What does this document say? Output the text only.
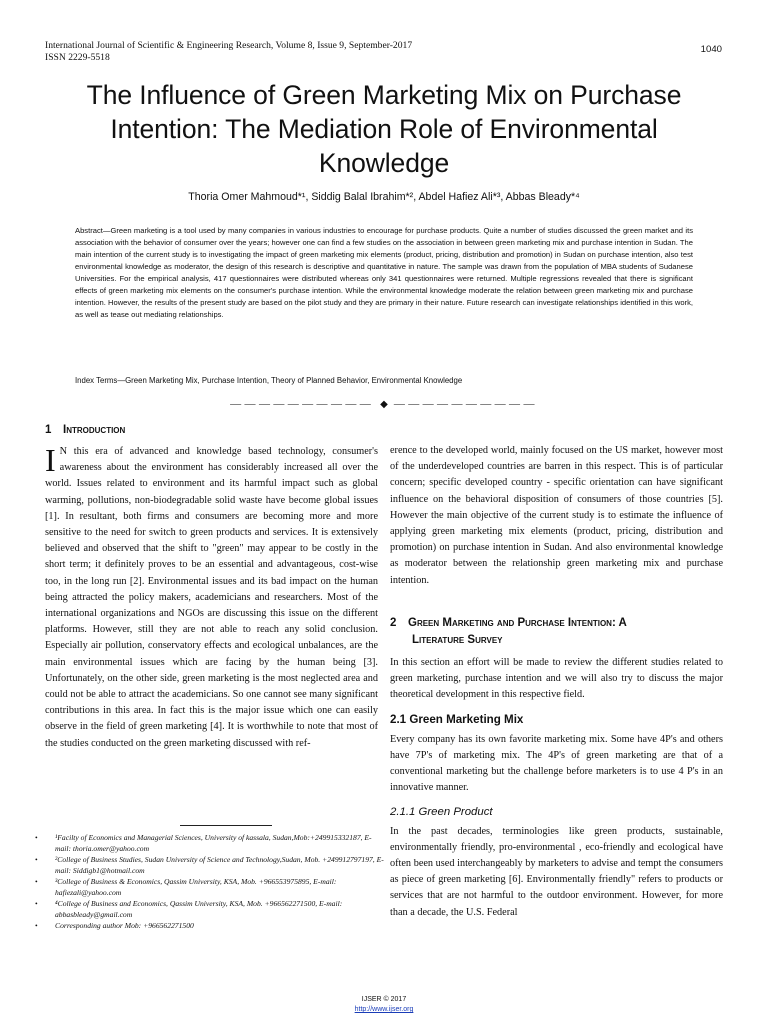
International Journal of Scientific & Engineering Research, Volume 8, Issue 9, September-2017
ISSN 2229-5518
1040
The Influence of Green Marketing Mix on Purchase Intention: The Mediation Role of Environmental Knowledge
Thoria Omer Mahmoud*¹, Siddig Balal Ibrahim*², Abdel Hafiez Ali*³, Abbas Bleady*⁴

Abstract—Green marketing is a tool used by many companies in various industries to encourage for purchase products. Quite a number of studies discussed the green market and its association with the behavior of consumer over the years; however one can find a few studies on the association in between green marketing mix and purchase intention in Sudan. The main intention of the current study is to investigating the impact of green marketing mix elements (product, pricing, distribution and promotion) in Sudan on purchase intention, also test environmental knowledge as moderator, the design of this research is descriptive and quantitative in nature. The sample was drawn from the population of MBA students of Sudanese Universities. For the empirical analysis, 417 questionnaires were distributed whereas only 341 questionnaires were returned. Multiple regressions revealed that there is significant effects of green marketing mix elements on the consumer's purchase intention. While the environmental knowledge moderate the relation between green marketing mix and purchase intention. However, the results of the present study are based on the pilot study and they are primary in their nature. Future research can investigate relationships identified in this work, as well as tease out mediating relationships.

Index Terms—Green Marketing Mix, Purchase Intention, Theory of Planned Behavior, Environmental Knowledge

—————————— ◆ ——————————
1 Introduction

I N this era of advanced and knowledge based technology, consumer's awareness about the environment has considerably increased all over the world. Issues related to environment and its harmful impact such as global warming, pollutions, non-biodegradable solid waste have become global issues [1]. In resultant, both firms and consumers are becoming more and more sensitive to the need for switch to green products and services. It is extensively believed and observed that the shift to "green" may appear to be costly in the short term; it definitely proves to be an essential and advantageous, cost-wise too, in the long run [2]. Environmental issues and its bad impact on the human being attracted the policy makers, academicians and researchers. Most of the international organizations and NGOs are discussing this issue on the different platforms. However, still they are not able to reach any solid conclusion. Especially air pollution, conservatory effects and ecological unbalances, are the main environmental issues which are facing by the human being [3]. Unfortunately, on the other side, green marketing is the most neglected area and could not be able to attract the academicians. So one cannot see many significant contributions in this area. In fact this is the major issue which one can easily observe in the field of green marketing [4]. It is worthwhile to note that most of the studies conducted on the green marketing discussed with ref-

erence to the developed world, mainly focused on the US market, however most of the underdeveloped countries are barren in this respect. This is of particular concern; specific developed country - specific orientation can have significant influence on the behavioral disposition of consumers of those countries [5]. However the main objective of the current study is to estimate the influence of applying green marketing mix elements (product, pricing, distribution and promotion) on purchase intention in Sudan. And also environmental knowledge as moderator between the relationship green marketing mix and purchase intention.

2 Green Marketing and Purchase Intention: A
Literature Survey

In this section an effort will be made to review the different studies related to green marketing, purchase intention and we will also try to discuss the major theoretical development in this respective field.

2.1 Green Marketing Mix

Every company has its own favorite marketing mix. Some have 4P's and others have 7P's of marketing mix. The 4P's of green marketing are that of a conventional marketing but the challenge before marketers is to use 4 P's in an innovative manner.

2.1.1 Green Product

In the past decades, terminologies like green products, sustainable, environmentally friendly, pro-environmental , eco-friendly and ecological have often been used interchangeably by marketers to advise and tempt the consumers as piece of green marketing [6]. Environmentally friendly" refers to products or services that are not harmful to the outdoor environment. However, for more than a decade, the U.S. Federal

• ¹Facilty of Economics and Managerial Sciences, University of kassala, Sudan,Mob:+249915332187, E-mail: thoria.omer@yahoo.com
• ²College of Business Studies, Sudan University of Science and Technology,Sudan, Mob. +249912797197, E-mail: Siddigb1@hotmail.com
• ³College of Business & Economics, Qassim University, KSA, Mob. +966553975895, E-mail: hafiezali@yahoo.com
• ⁴College of Business and Economics, Qassim University, KSA, Mob. +966562271500, E-mail: abbasbleady@gmail.com
• Corresponding author Mob: +966562271500
IJSER © 2017
http://www.ijser.org
